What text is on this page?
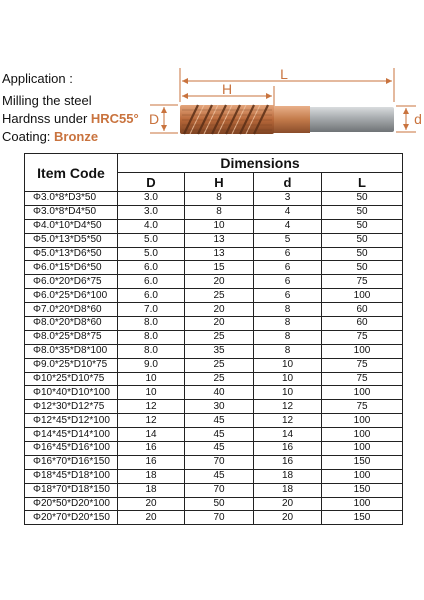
Application :
Milling the steel
Hardnss under HRC55°
Coating: Bronze
L
H
D	d
Item Code	Dimensions			
	D	H	d	L
Φ3.0*8*D3*50	3.0	8	3	50
Φ3.0*8*D4*50	3.0	8	4	50
Φ4.0*10*D4*50	4.0	10	4	50
Φ5.0*13*D5*50	5.0	13	5	50
Φ5.0*13*D6*50	5.0	13	6	50
Φ6.0*15*D6*50	6.0	15	6	50
Φ6.0*20*D6*75	6.0	20	6	75
Φ6.0*25*D6*100	6.0	25	6	100
Φ7.0*20*D8*60	7.0	20	8	60
Φ8.0*20*D8*60	8.0	20	8	60
Φ8.0*25*D8*75	8.0	25	8	75
Φ8.0*35*D8*100	8.0	35	8	100
Φ9.0*25*D10*75	9.0	25	10	75
Φ10*25*D10*75	10	25	10	75
Φ10*40*D10*100	10	40	10	100
Φ12*30*D12*75	12	30	12	75
Φ12*45*D12*100	12	45	12	100
Φ14*45*D14*100	14	45	14	100
Φ16*45*D16*100	16	45	16	100
Φ16*70*D16*150	16	70	16	150
Φ18*45*D18*100	18	45	18	100
Φ18*70*D18*150	18	70	18	150
Φ20*50*D20*100	20	50	20	100
Φ20*70*D20*150	20	70	20	150
